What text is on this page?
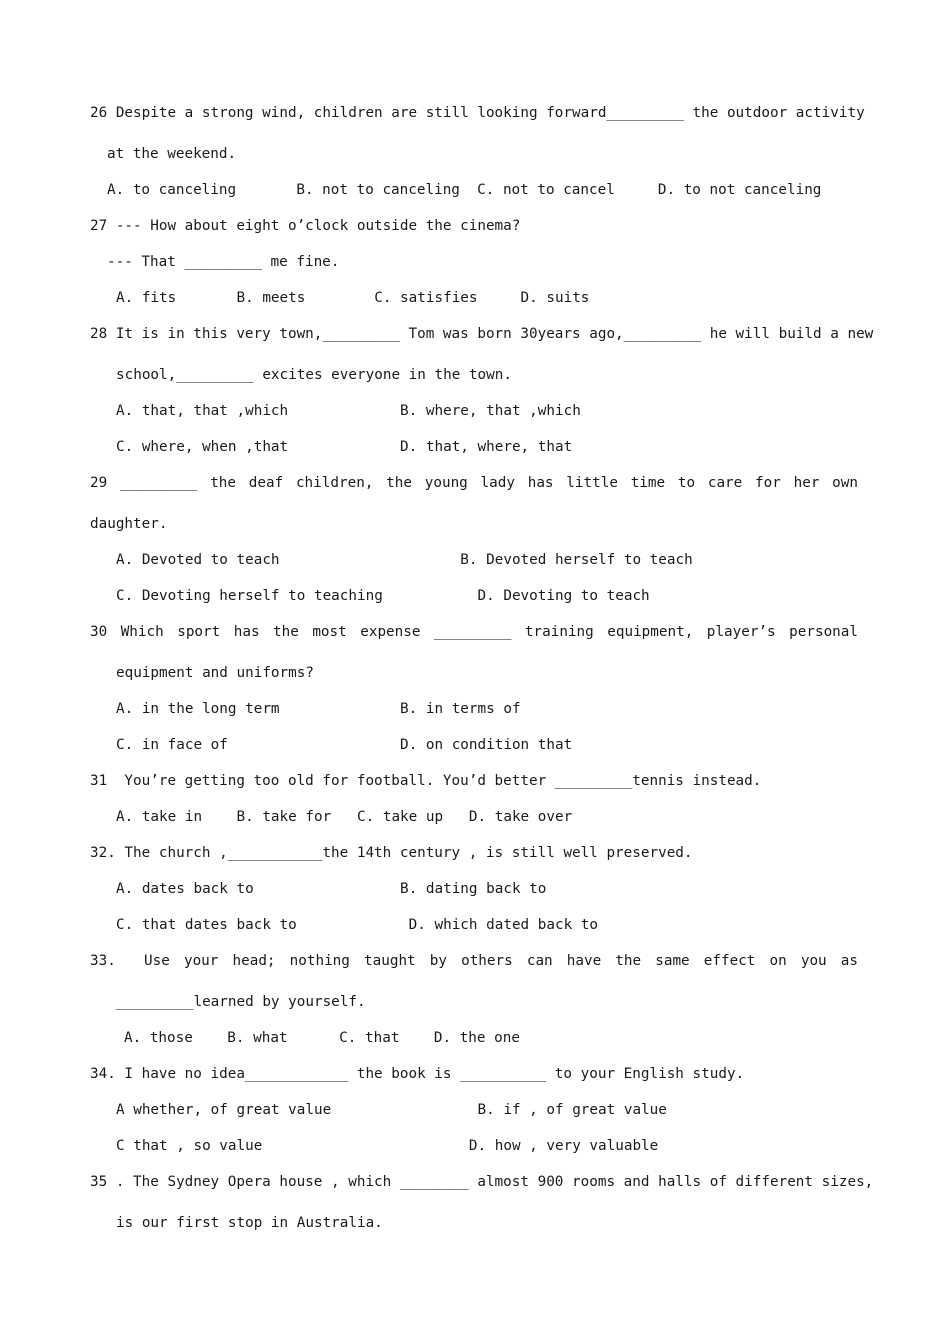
26 Despite a strong wind, children are still looking forward_________ the outdoor activity
at the weekend.
A. to canceling       B. not to canceling  C. not to cancel     D. to not canceling
27 --- How about eight o’clock outside the cinema?
--- That _________ me fine.
A. fits       B. meets        C. satisfies     D. suits
28 It is in this very town,_________ Tom was born 30years ago,_________ he will build a new
school,_________ excites everyone in the town.
A. that, that ,which             B. where, that ,which
C. where, when ,that             D. that, where, that
29 _________ the deaf children, the young lady has little time to care for her own
daughter.
A. Devoted to teach                     B. Devoted herself to teach
C. Devoting herself to teaching           D. Devoting to teach
30 Which sport has the most expense _________ training equipment, player’s personal
equipment and uniforms?
A. in the long term              B. in terms of
C. in face of                    D. on condition that
31  You’re getting too old for football. You’d better _________tennis instead.
A. take in    B. take for   C. take up   D. take over
32. The church ,___________the 14th century , is still well preserved.
A. dates back to                 B. dating back to
C. that dates back to             D. which dated back to
33.  Use your head; nothing taught by others can have the same effect on you as
_________learned by yourself.
A. those    B. what      C. that    D. the one
34. I have no idea____________ the book is __________ to your English study.
A whether, of great value                 B. if , of great value
C that , so value                        D. how , very valuable
35 . The Sydney Opera house , which ________ almost 900 rooms and halls of different sizes,
is our first stop in Australia.
